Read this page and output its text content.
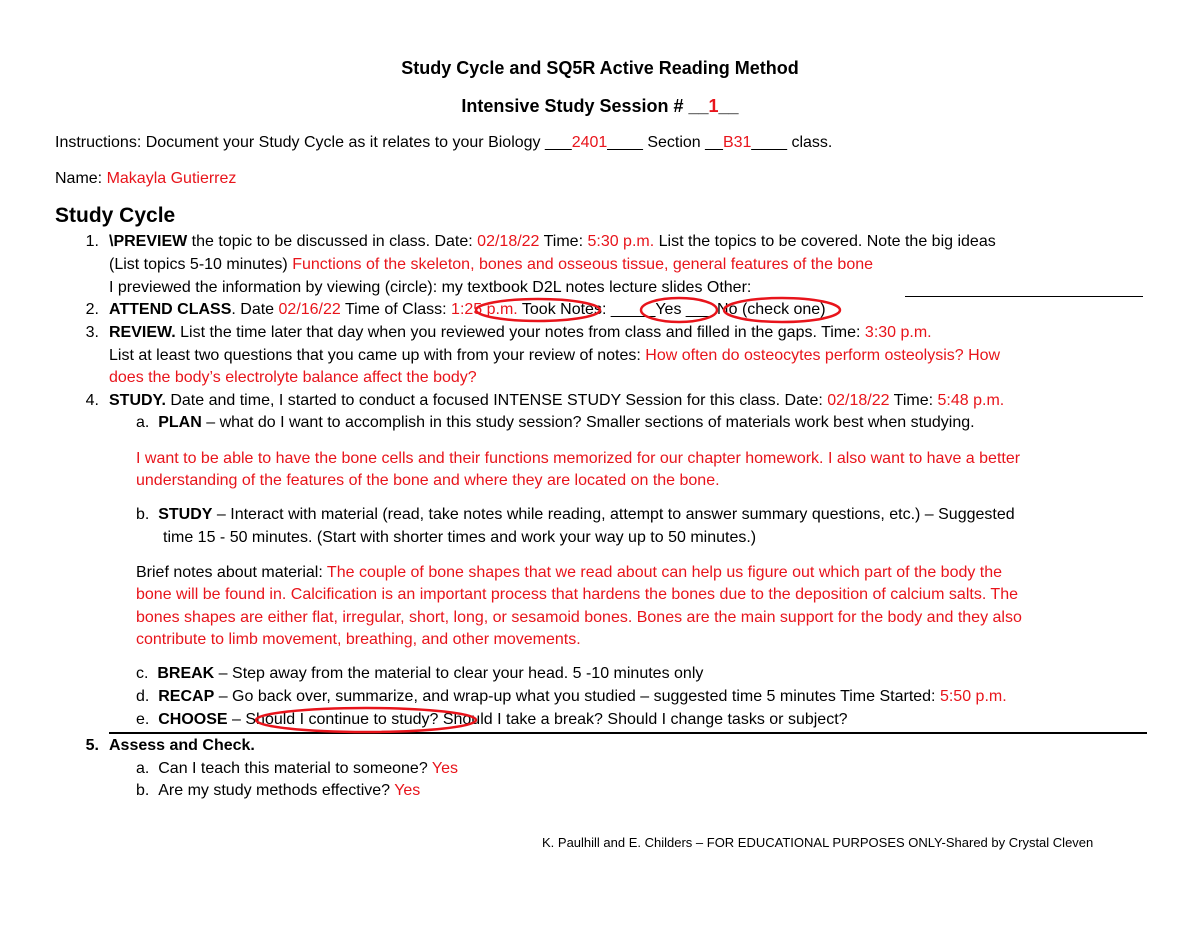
Study Cycle and SQ5R Active Reading Method
Intensive Study Session # __1__
Instructions: Document your Study Cycle as it relates to your Biology ___2401____ Section __B31____ class.
Name: Makayla Gutierrez
Study Cycle
1. \PREVIEW the topic to be discussed in class. Date: 02/18/22 Time: 5:30 p.m. List the topics to be covered. Note the big ideas
(List topics 5-10 minutes) Functions of the skeleton, bones and osseous tissue, general features of the bone
I previewed the information by viewing (circle): my textbook D2L notes lecture slides Other:
2. ATTEND CLASS. Date 02/16/22 Time of Class: 1:25 p.m. Took Notes: _____Yes ___ No (check one)
3. REVIEW. List the time later that day when you reviewed your notes from class and filled in the gaps. Time: 3:30 p.m.
List at least two questions that you came up with from your review of notes: How often do osteocytes perform osteolysis? How
does the body’s electrolyte balance affect the body?
4. STUDY. Date and time, I started to conduct a focused INTENSE STUDY Session for this class. Date: 02/18/22 Time: 5:48 p.m.
a. PLAN – what do I want to accomplish in this study session? Smaller sections of materials work best when studying.
I want to be able to have the bone cells and their functions memorized for our chapter homework. I also want to have a better
understanding of the features of the bone and where they are located on the bone.
b. STUDY – Interact with material (read, take notes while reading, attempt to answer summary questions, etc.) – Suggested
time 15 - 50 minutes. (Start with shorter times and work your way up to 50 minutes.)
Brief notes about material: The couple of bone shapes that we read about can help us figure out which part of the body the
bone will be found in. Calcification is an important process that hardens the bones due to the deposition of calcium salts. The
bones shapes are either flat, irregular, short, long, or sesamoid bones. Bones are the main support for the body and they also
contribute to limb movement, breathing, and other movements.
c. BREAK – Step away from the material to clear your head. 5 -10 minutes only
d. RECAP – Go back over, summarize, and wrap-up what you studied – suggested time 5 minutes Time Started: 5:50 p.m.
e. CHOOSE – Should I continue to study? Should I take a break? Should I change tasks or subject?
5. Assess and Check.
a. Can I teach this material to someone? Yes
b. Are my study methods effective? Yes
K. Paulhill and E. Childers – FOR EDUCATIONAL PURPOSES ONLY-Shared by Crystal Cleven
